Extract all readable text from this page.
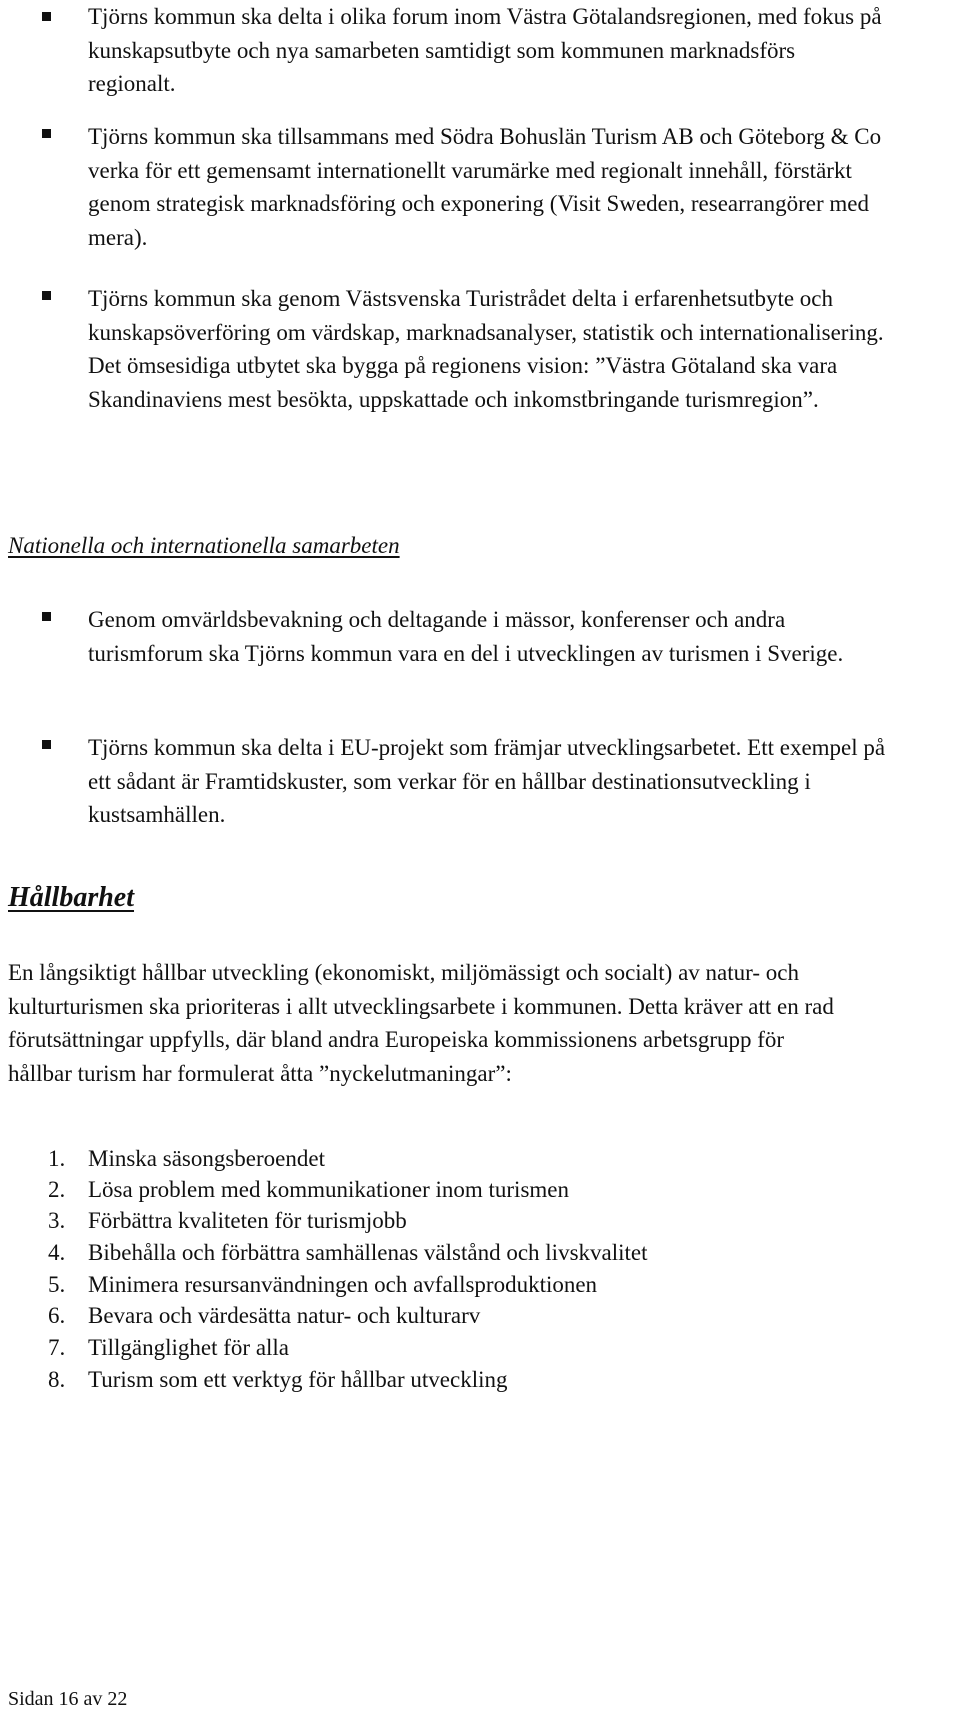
Tjörns kommun ska delta i olika forum inom Västra Götalandsregionen, med fokus på kunskapsutbyte och nya samarbeten samtidigt som kommunen marknadsförs regionalt.
Tjörns kommun ska tillsammans med Södra Bohuslän Turism AB och Göteborg & Co verka för ett gemensamt internationellt varumärke med regionalt innehåll, förstärkt genom strategisk marknadsföring och exponering (Visit Sweden, researrangörer med mera).
Tjörns kommun ska genom Västsvenska Turistrådet delta i erfarenhetsutbyte och kunskapsöverföring om värdskap, marknadsanalyser, statistik och internationalisering. Det ömsesidiga utbytet ska bygga på regionens vision: ”Västra Götaland ska vara Skandinaviens mest besökta, uppskattade och inkomstbringande turismregion”.
Nationella och internationella samarbeten
Genom omvärldsbevakning och deltagande i mässor, konferenser och andra turismforum ska Tjörns kommun vara en del i utvecklingen av turismen i Sverige.
Tjörns kommun ska delta i EU-projekt som främjar utvecklingsarbetet. Ett exempel på ett sådant är Framtidskuster, som verkar för en hållbar destinationsutveckling i kustsamhällen.
Hållbarhet
En långsiktigt hållbar utveckling (ekonomiskt, miljömässigt och socialt) av natur- och kulturturismen ska prioriteras i allt utvecklingsarbete i kommunen. Detta kräver att en rad förutsättningar uppfylls, där bland andra Europeiska kommissionens arbetsgrupp för hållbar turism har formulerat åtta ”nyckelutmaningar”:
1. Minska säsongsberoendet
2. Lösa problem med kommunikationer inom turismen
3. Förbättra kvaliteten för turismjobb
4. Bibehålla och förbättra samhällenas välstånd och livskvalitet
5. Minimera resursanvändningen och avfallsproduktionen
6. Bevara och värdesätta natur- och kulturarv
7. Tillgänglighet för alla
8. Turism som ett verktyg för hållbar utveckling
Sidan 16 av 22
